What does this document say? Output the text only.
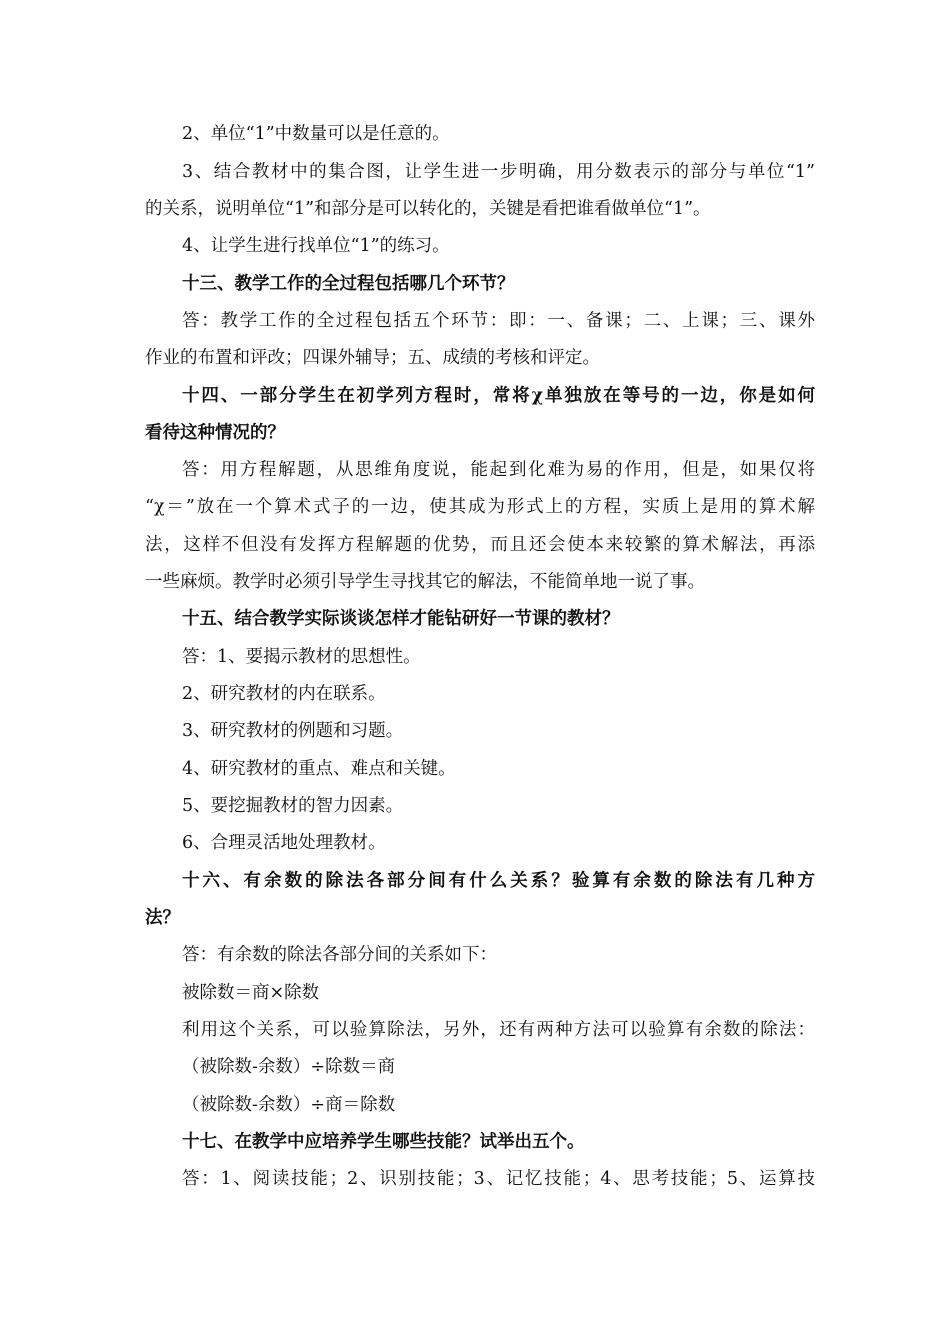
2、单位“1”中数量可以是任意的。
3、结合教材中的集合图，让学生进一步明确，用分数表示的部分与单位“1”
的关系，说明单位“1”和部分是可以转化的，关键是看把谁看做单位“1”。
4、让学生进行找单位“1”的练习。
十三、教学工作的全过程包括哪几个环节？
答：教学工作的全过程包括五个环节：即：一、备课；二、上课；三、课外
作业的布置和评改；四课外辅导；五、成绩的考核和评定。
十四、一部分学生在初学列方程时，常将χ单独放在等号的一边，你是如何
看待这种情况的？
答：用方程解题，从思维角度说，能起到化难为易的作用，但是，如果仅将
“χ＝”放在一个算术式子的一边，使其成为形式上的方程，实质上是用的算术解
法，这样不但没有发挥方程解题的优势，而且还会使本来较繁的算术解法，再添
一些麻烦。教学时必须引导学生寻找其它的解法，不能简单地一说了事。
十五、结合教学实际谈谈怎样才能钻研好一节课的教材？
答：1、要揭示教材的思想性。
2、研究教材的内在联系。
3、研究教材的例题和习题。
4、研究教材的重点、难点和关键。
5、要挖掘教材的智力因素。
6、合理灵活地处理教材。
十六、有余数的除法各部分间有什么关系？验算有余数的除法有几种方
法？
答：有余数的除法各部分间的关系如下：
被除数＝商×除数
利用这个关系，可以验算除法，另外，还有两种方法可以验算有余数的除法：
（被除数-余数）÷除数＝商
（被除数-余数）÷商＝除数
十七、在教学中应培养学生哪些技能？试举出五个。
答：1、阅读技能；2、识别技能；3、记忆技能；4、思考技能；5、运算技
